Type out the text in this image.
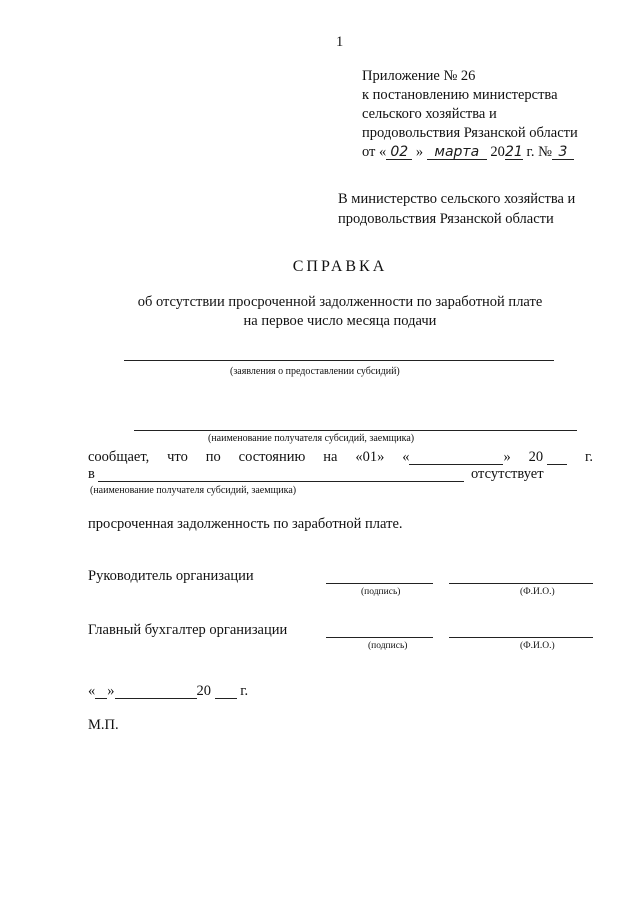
1
Приложение № 26
к постановлению министерства
сельского хозяйства и
продовольствия Рязанской области
от « 02 » марта 2021 г. № 3
В министерство сельского хозяйства и
продовольствия Рязанской области
СПРАВКА
об отсутствии просроченной задолженности по заработной плате
на первое число месяца подачи
(заявления о предоставлении субсидий)
(наименование получателя субсидий, заемщика)
сообщает, что по состоянию на «01» «	» 20	г.
в	отсутствует
(наименование получателя субсидий, заемщика)
просроченная задолженность по заработной плате.
Руководитель организации
(подпись)	(Ф.И.О.)
Главный бухгалтер организации
(подпись)	(Ф.И.О.)
« »	20 г.
М.П.
